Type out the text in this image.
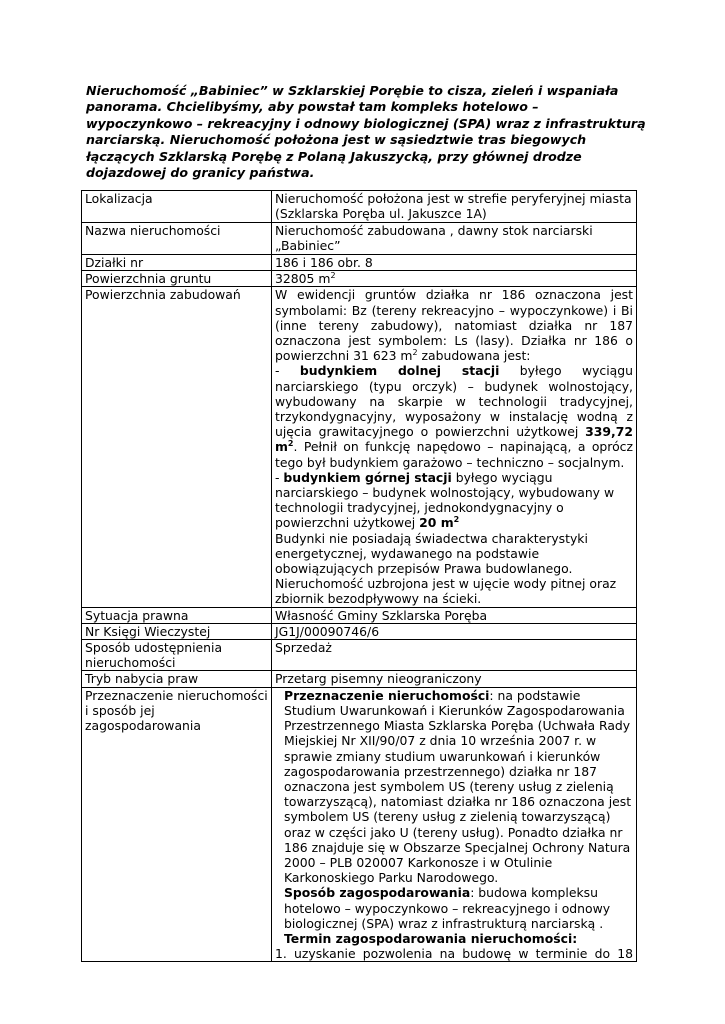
Nieruchomość „Babiniec” w Szklarskiej Porębie to cisza, zieleń i wspaniała panorama. Chcielibyśmy, aby powstał tam kompleks hotelowo – wypoczynkowo – rekreacyjny i odnowy biologicznej (SPA) wraz z infrastrukturą narciarską. Nieruchomość położona jest w sąsiedztwie tras biegowych łączących Szklarską Porębę z Polaną Jakuszycką, przy głównej drodze dojazdowej do granicy państwa.

Lokalizacja	Nieruchomość położona jest w strefie peryferyjnej miasta (Szklarska Poręba ul. Jakuszce 1A)
Nazwa nieruchomości	Nieruchomość zabudowana , dawny stok narciarski „Babiniec”
Działki nr	186 i 186 obr. 8
Powierzchnia gruntu	32805 $m^2$
Powierzchnia zabudowań	W ewidencji gruntów działka nr 186 oznaczona jest symbolami: Bz (tereny rekreacyjno – wypoczynkowe) i Bi (inne tereny zabudowy), natomiast działka nr 187 oznaczona jest symbolem: Ls (lasy). Działka nr 186 o powierzchni 31 623 $m^2$ zabudowana jest:
- budynkiem dolnej stacji byłego wyciągu narciarskiego (typu orczyk) – budynek wolnostojący, wybudowany na skarpie w technologii tradycyjnej, trzykondygnacyjny, wyposażony w instalację wodną z ujęcia grawitacyjnego o powierzchni użytkowej 339,72 $m^2$. Pełnił on funkcję napędowo – napinającą, a oprócz tego był budynkiem garażowo – techniczno – socjalnym.
- budynkiem górnej stacji byłego wyciągu narciarskiego – budynek wolnostojący, wybudowany w technologii tradycyjnej, jednokondygnacyjny o powierzchni użytkowej 20 $m^2$
Budynki nie posiadają świadectwa charakterystyki energetycznej, wydawanego na podstawie obowiązujących przepisów Prawa budowlanego.
Nieruchomość uzbrojona jest w ujęcie wody pitnej oraz zbiornik bezodpływowy na ścieki.

Sytuacja prawna	Własność Gminy Szklarska Poręba
Nr Księgi Wieczystej	JG1J/00090746/6
Sposób udostępnienia nieruchomości	Sprzedaż
Tryb nabycia praw	Przetarg pisemny nieograniczony
Przeznaczenie nieruchomości i sposób jej zagospodarowania	Przeznaczenie nieruchomości: na podstawie Studium Uwarunkowań i Kierunków Zagospodarowania Przestrzennego Miasta Szklarska Poręba (Uchwała Rady Miejskiej Nr XII/90/07 z dnia 10 września 2007 r. w sprawie zmiany studium uwarunkowań i kierunków zagospodarowania przestrzennego) działka nr 187 oznaczona jest symbolem US (tereny usług z zielenią towarzyszącą), natomiast działka nr 186 oznaczona jest symbolem US (tereny usług z zielenią towarzyszącą) oraz w części jako U (tereny usług). Ponadto działka nr 186 znajduje się w Obszarze Specjalnej Ochrony Natura 2000 – PLB 020007 Karkonosze i w Otulinie Karkonoskiego Parku Narodowego.
Sposób zagospodarowania: budowa kompleksu hotelowo – wypoczynkowo – rekreacyjnego i odnowy biologicznej (SPA) wraz z infrastrukturą narciarską .
Termin zagospodarowania nieruchomości:
1. uzyskanie pozwolenia na budowę w terminie do 18
